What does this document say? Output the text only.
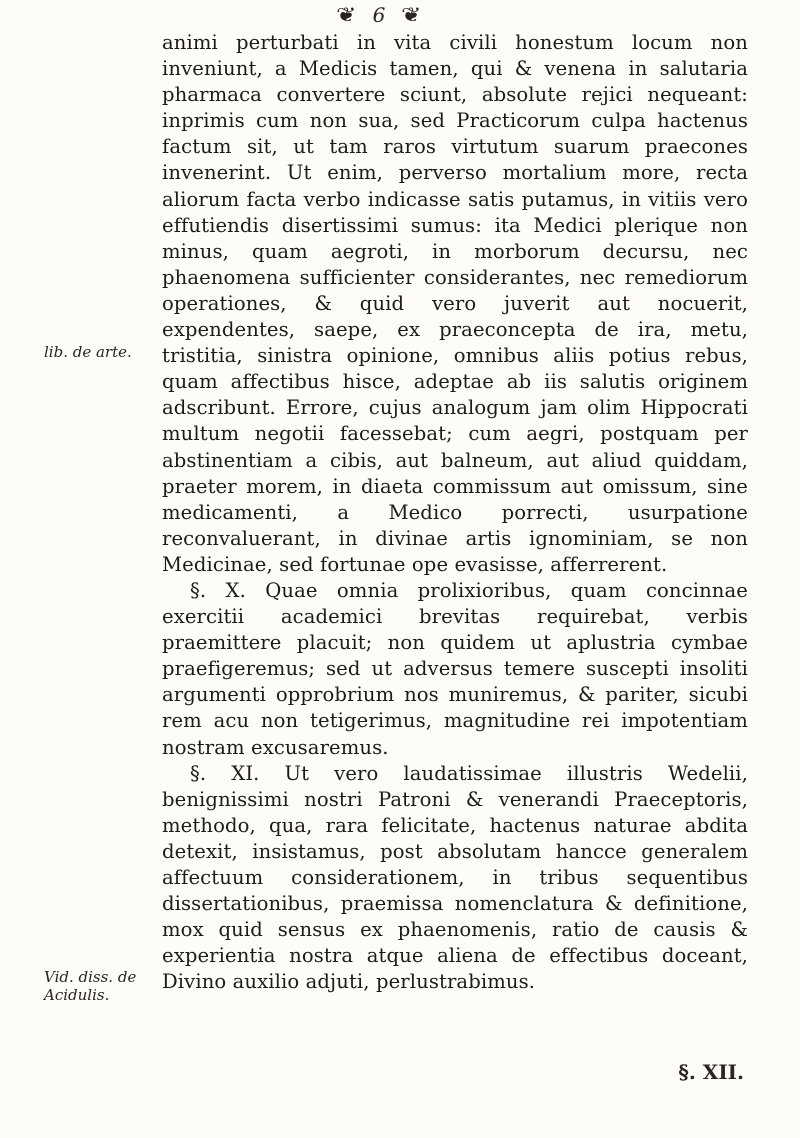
❦ 6 ❦

animi perturbati in vita civili honestum locum non inveniunt, a Medicis tamen, qui & venena in salutaria pharmaca convertere sciunt, absolute rejici nequeant: inprimis cum non sua, sed Practicorum culpa hactenus factum sit, ut tam raros virtutum suarum praecones invenerint. Ut enim, perverso mortalium more, recta aliorum facta verbo indicasse satis putamus, in vitiis vero effutiendis disertissimi sumus: ita Medici plerique non minus, quam aegroti, in morborum decursu, nec phaenomena sufficienter considerantes, nec remediorum operationes, & quid vero juverit aut nocuerit, expendentes, saepe, ex praeconcepta de ira, metu, tristitia, sinistra opinione, omnibus aliis potius rebus, quam affectibus hisce, adeptae ab iis salutis originem adscribunt. Errore, cujus analogum jam olim Hippocrati multum negotii facessebat; cum aegri, postquam per abstinentiam a cibis, aut balneum, aut aliud quiddam, praeter morem, in diaeta commissum aut omissum, sine medicamenti, a Medico porrecti, usurpatione reconvaluerant, in divinae artis ignominiam, se non Medicinae, sed fortunae ope evasisse, afferrerent.

§. X. Quae omnia prolixioribus, quam concinnae exercitii academici brevitas requirebat, verbis praemittere placuit; non quidem ut aplustria cymbae praefigeremus; sed ut adversus temere suscepti insoliti argumenti opprobrium nos muniremus, & pariter, sicubi rem acu non tetigerimus, magnitudine rei impotentiam nostram excusaremus.

§. XI. Ut vero laudatissimae illustris Wedelii, benignissimi nostri Patroni & venerandi Praeceptoris, methodo, qua, rara felicitate, hactenus naturae abdita detexit, insistamus, post absolutam hancce generalem affectuum considerationem, in tribus sequentibus dissertationibus, praemissa nomenclatura & definitione, mox quid sensus ex phaenomenis, ratio de causis & experientia nostra atque aliena de effectibus doceant, Divino auxilio adjuti, perlustrabimus.

lib. de arte.
Vid. diss. de Acidulis.
§. XII.
